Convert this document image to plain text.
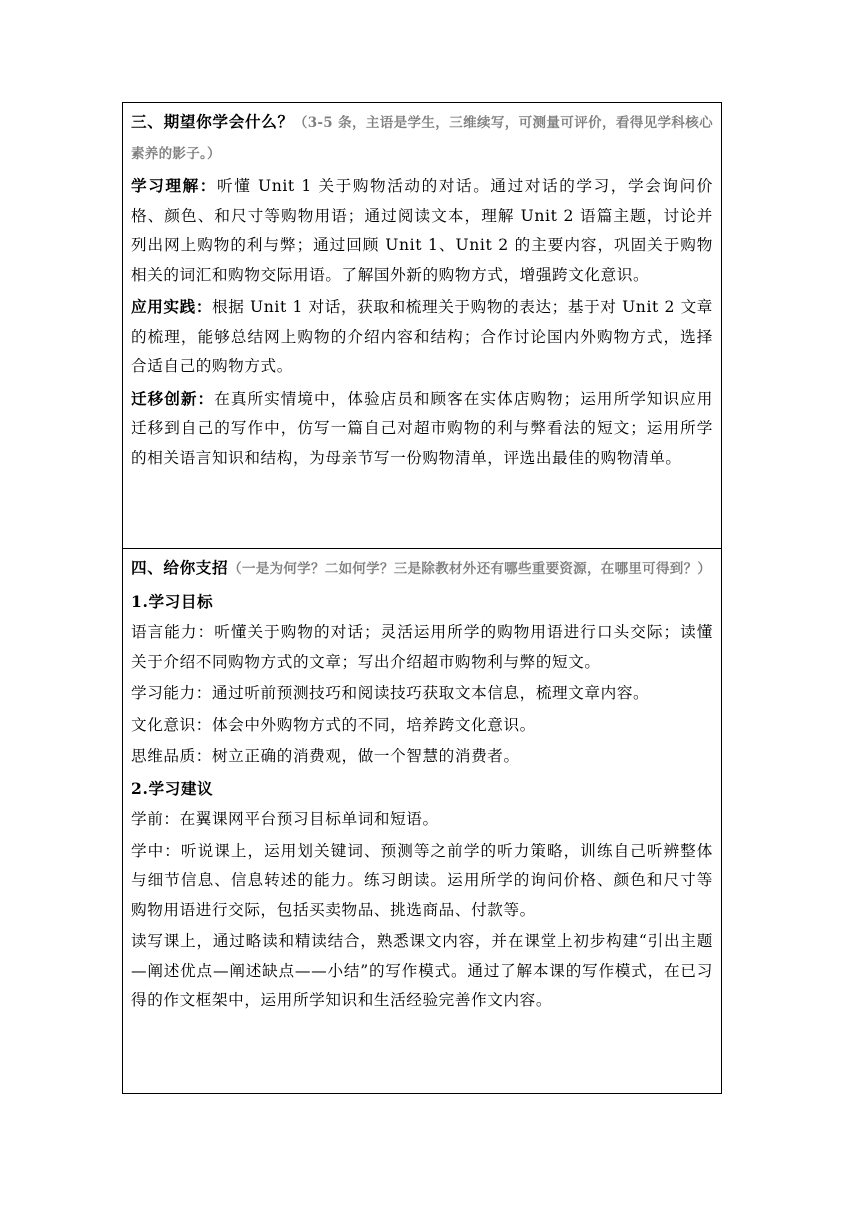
三、期望你学会什么？（3-5 条，主语是学生，三维续写，可测量可评价，看得见学科核心素养的影子。）

学习理解：听懂 Unit 1 关于购物活动的对话。通过对话的学习，学会询问价格、颜色、和尺寸等购物用语；通过阅读文本，理解 Unit 2 语篇主题，讨论并列出网上购物的利与弊；通过回顾 Unit 1、Unit 2 的主要内容，巩固关于购物相关的词汇和购物交际用语。了解国外新的购物方式，增强跨文化意识。

应用实践：根据 Unit 1 对话，获取和梳理关于购物的表达；基于对 Unit 2 文章的梳理，能够总结网上购物的介绍内容和结构；合作讨论国内外购物方式，选择合适自己的购物方式。

迁移创新：在真所实情境中，体验店员和顾客在实体店购物；运用所学知识应用迁移到自己的写作中，仿写一篇自己对超市购物的利与弊看法的短文；运用所学的相关语言知识和结构，为母亲节写一份购物清单，评选出最佳的购物清单。

四、给你支招（一是为何学？二如何学？三是除教材外还有哪些重要资源，在哪里可得到？）

1.学习目标

语言能力：听懂关于购物的对话；灵活运用所学的购物用语进行口头交际；读懂关于介绍不同购物方式的文章；写出介绍超市购物利与弊的短文。

学习能力：通过听前预测技巧和阅读技巧获取文本信息，梳理文章内容。

文化意识：体会中外购物方式的不同，培养跨文化意识。

思维品质：树立正确的消费观，做一个智慧的消费者。

2.学习建议

学前：在翼课网平台预习目标单词和短语。

学中：听说课上，运用划关键词、预测等之前学的听力策略，训练自己听辨整体与细节信息、信息转述的能力。练习朗读。运用所学的询问价格、颜色和尺寸等购物用语进行交际，包括买卖物品、挑选商品、付款等。

读写课上，通过略读和精读结合，熟悉课文内容，并在课堂上初步构建“引出主题—阐述优点—阐述缺点——小结”的写作模式。通过了解本课的写作模式，在已习得的作文框架中，运用所学知识和生活经验完善作文内容。
